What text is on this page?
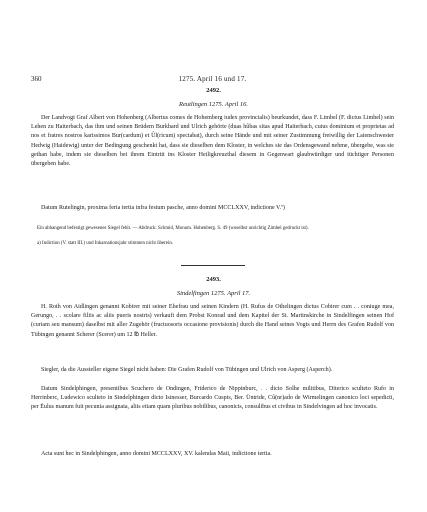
360	1275. April 16 und 17.
2492.
Reutlingen 1275. April 16.

Der Landvogt Graf Albert von Hohenberg (Albertus comes de Hohemberg iudex provincialis) beurkundet, dass F. Limbel (F. dictus Limbel) sein Lehen zu Haiterbach, das ihm und seinen Brüdern Burkhard und Ulrich gehörte (duas hûbas sitas apud Haiterbach, cuius dominium et proprietas ad nos et fratres nostros karissimos Bur(cardum) et Ûl(ricum) spectabat), durch seine Hände und mit seiner Zustimmung freiwillig der Laienschwester Hedwig (Haidewig) unter der Bedingung geschenkt hat, dass sie dieselben dem Kloster, in welches sie das Ordensgewand nehme, übergebe, was sie gethan habe, indem sie dieselben bei ihrem Eintritt ins Kloster Heiligkreuzthal diesem in Gegenwart glaubwürdiger und tüchtiger Personen übergeben habe.

Datum Rutelingin, proxima feria tertia infra festum pasche, anno domini MCCLXXV, indictione V.ª)

Ein abhangend befestigt gewesenes Siegel fehlt. — Abdruck: Schmid, Monum. Hohenberg. S. 49 (woselbst unrichtig Zimbel gedruckt ist).

a) Indiction (V. statt III.) und Inkarnationsjahr stimmen nicht überein.

2493.
Sindelfingen 1275. April 17.

H. Roth von Aidlingen genannt Kobirer mit seiner Ehefrau und seinen Kindern (H. Rufus de Othelingen dictus Cobirer cum . . coniuge mea, Gerungo, . . scolare filiis ac aliis pueris nostris) verkauft dem Probst Konrad und dem Kapitel der St. Martinskirche in Sindelfingen seinen Hof (curiam seu mansum) daselbst mit aller Zugehör (fructuosoris occasione provisionis) durch die Hand seines Vogts und Herrn des Grafen Rudolf von Tübingen genannt Scherer (Scerer) um 12 ℔ Heller.

Siegler, da die Aussteller eigene Siegel nicht haben: Die Grafen Rudolf von Tübingen und Ulrich von Asperg (Asperch).

Datum Sindelphingen, presentibus Scuchero de Ondingen, Friderico de Nippinburc, . . dicto Solhe militibus, Diterico sculteto Rufo in Herrinberc, Ludewico sculteto in Sindelphingen dicto Isinesser, Burcardo Cuspis, Ber. Üntride, Cû(nr)ado de Wirmelingen canonico loci sepedicti, per Ēulus manum fuit pecunia assignata, aliis etiam quam pluribus nobilibus, canonicis, consulibus et civibus in Sindelvingen ad hoc invocatis.

Acta sunt hec in Sindelphingen, anno domini MCCLXXV, XV. kalendas Maii, indictione tertia.
